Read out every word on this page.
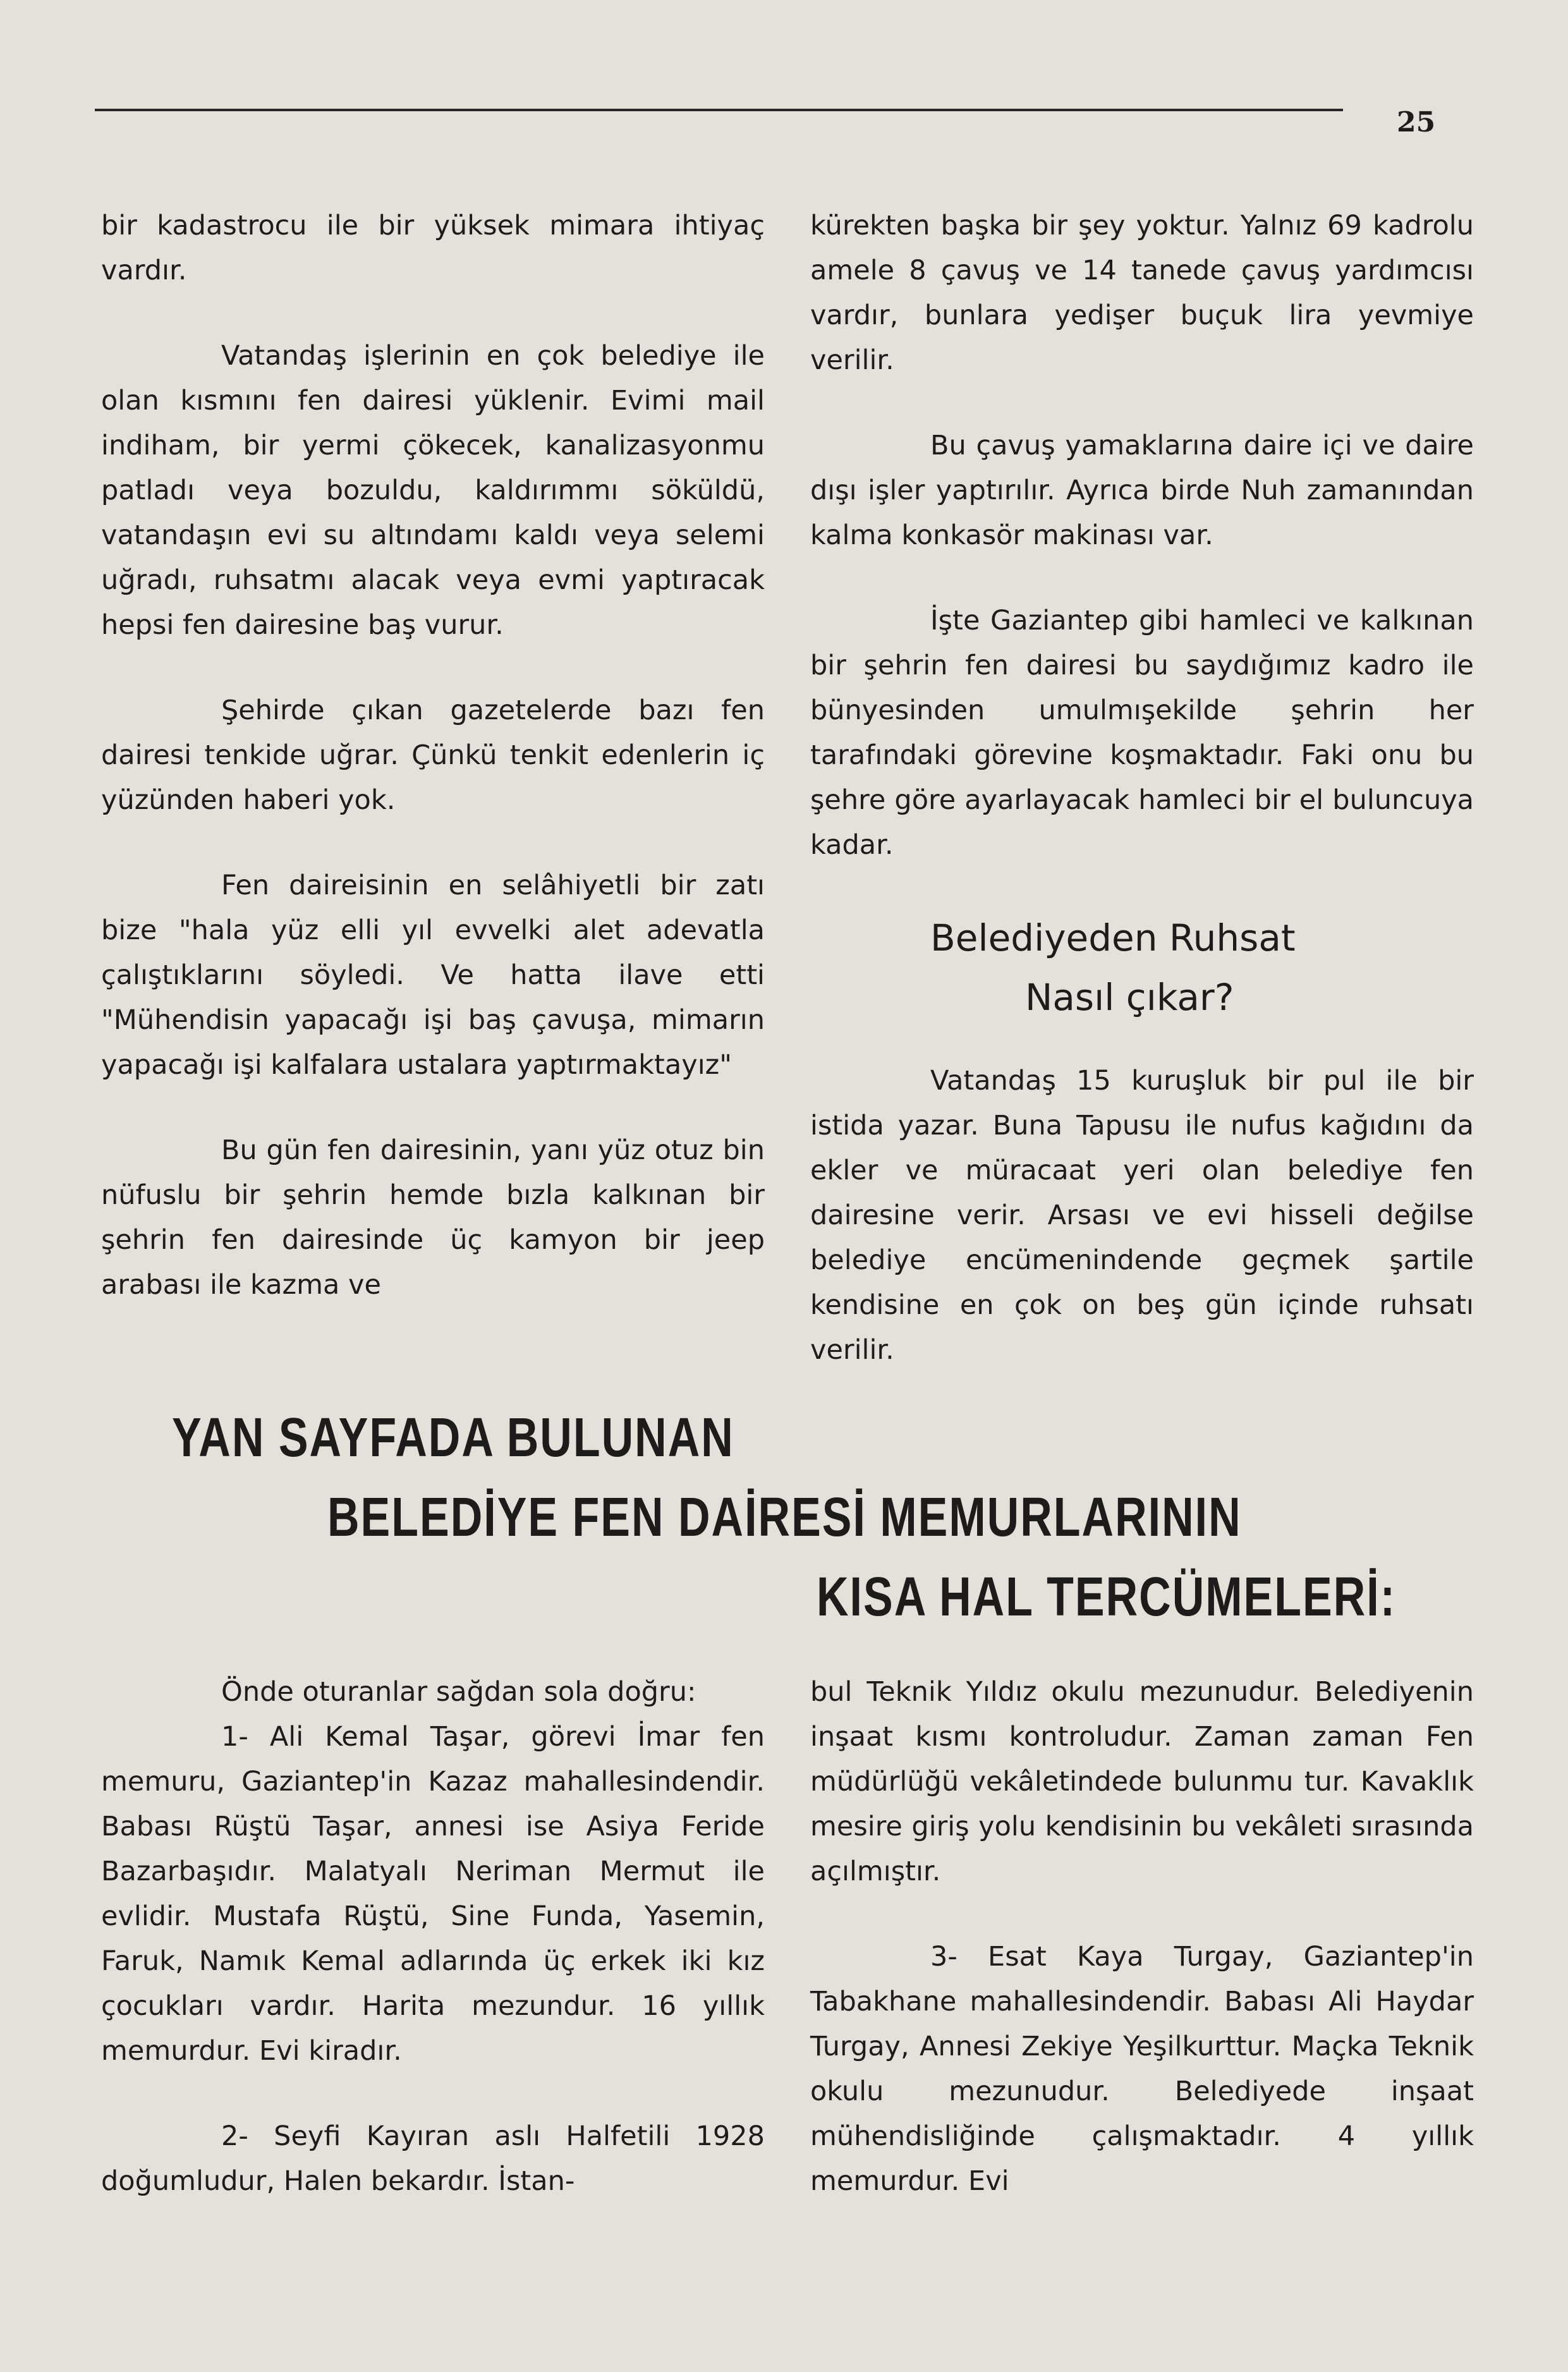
25

bir kadastrocu ile bir yüksek mimara ihtiyaç vardır.

Vatandaş işlerinin en çok belediye ile olan kısmını fen dairesi yüklenir. Evimi mail indiham, bir yermi çökecek, kanalizasyonmu patladı veya bozuldu, kaldırımmı söküldü, vatandaşın evi su altındamı kaldı veya selemi uğradı, ruhsatmı alacak veya evmi yaptıracak hepsi fen dairesine baş vurur.

Şehirde çıkan gazetelerde bazı fen dairesi tenkide uğrar. Çünkü tenkit edenlerin iç yüzünden haberi yok.

Fen daireisinin en selâhiyetli bir zatı bize "hala yüz elli yıl evvelki alet adevatla çalıştıklarını söyledi. Ve hatta ilave etti "Mühendisin yapacağı işi baş çavuşa, mimarın yapacağı işi kalfalara ustalara yaptırmaktayız"

Bu gün fen dairesinin, yanı yüz otuz bin nüfuslu bir şehrin hemde bızla kalkınan bir şehrin fen dairesinde üç kamyon bir jeep arabası ile kazma ve

kürekten başka bir şey yoktur. Yalnız 69 kadrolu amele 8 çavuş ve 14 tanede çavuş yardımcısı vardır, bunlara yedişer buçuk lira yevmiye verilir.

Bu çavuş yamaklarına daire içi ve daire dışı işler yaptırılır. Ayrıca birde Nuh zamanından kalma konkasör makinası var.

İşte Gaziantep gibi hamleci ve kalkınan bir şehrin fen dairesi bu saydığımız kadro ile bünyesinden umulmışekilde şehrin her tarafındaki görevine koşmaktadır. Faki onu bu şehre göre ayarlayacak hamleci bir el buluncuya kadar.

Belediyeden Ruhsat
Nasıl çıkar?

Vatandaş 15 kuruşluk bir pul ile bir istida yazar. Buna Tapusu ile nufus kağıdını da ekler ve müracaat yeri olan belediye fen dairesine verir. Arsası ve evi hisseli değilse belediye encümenindende geçmek şartile kendisine en çok on beş gün içinde ruhsatı verilir.

YAN SAYFADA BULUNAN
BELEDİYE FEN DAİRESİ MEMURLARININ
KISA HAL TERCÜMELERİ:

Önde oturanlar sağdan sola doğru:

1- Ali Kemal Taşar, görevi İmar fen memuru, Gaziantep'in Kazaz mahallesindendir. Babası Rüştü Taşar, annesi ise Asiya Feride Bazarbaşıdır. Malatyalı Neriman Mermut ile evlidir. Mustafa Rüştü, Sine Funda, Yasemin, Faruk, Namık Kemal adlarında üç erkek iki kız çocukları vardır. Harita mezundur. 16 yıllık memurdur. Evi kiradır.

2- Seyfi Kayıran aslı Halfetili 1928 doğumludur, Halen bekardır. İstan-

bul Teknik Yıldız okulu mezunudur. Belediyenin inşaat kısmı kontroludur. Zaman zaman Fen müdürlüğü vekâletindede bulunmu tur. Kavaklık mesire giriş yolu kendisinin bu vekâleti sırasında açılmıştır.

3- Esat Kaya Turgay, Gaziantep'in Tabakhane mahallesindendir. Babası Ali Haydar Turgay, Annesi Zekiye Yeşilkurttur. Maçka Teknik okulu mezunudur. Belediyede inşaat mühendisliğinde çalışmaktadır. 4 yıllık memurdur. Evi
